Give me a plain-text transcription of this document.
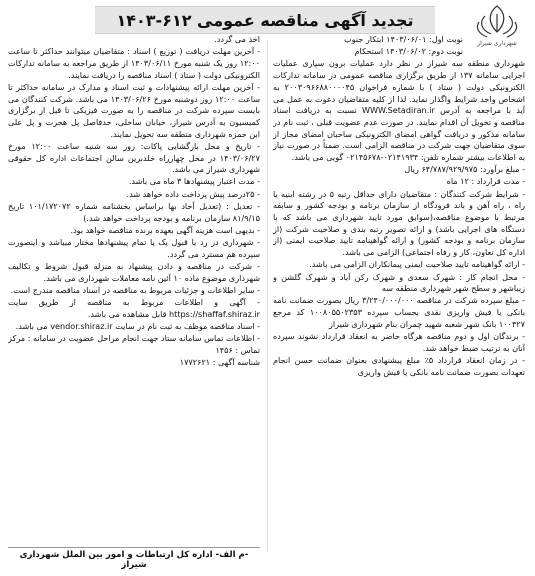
تجدید آگهی مناقصه عمومی ۶۱۲-۱۴۰۳
شهرداری شیراز
نوبت اول: ۱۴۰۳/۰۶/۰۱ ابتکار جنوب
نوبت دوم: ۱۴۰۳/۰۶/۰۲ استحکام
شهرداری منطقه سه شیراز در نظر دارد عملیات برون سپاری عملیات اجرایی سامانه ۱۳۷ از طریق برگزاری مناقصه عمومی در سامانه تدارکات الکترونیکی دولت ( ستاد ) با شماره فراخوان ۲۰۰۳۰۹۶۶۸۸۰۰۰۰۴۵ به اشخاص واجد شرایط واگذار نماید. لذا از کلیه متقاضیان دعوت به عمل می آید با مراجعه به آدرس WWW.Setadiran.ir نسبت به دریافت اسناد مناقصه و تحویل آن اقدام نمایند. در صورت عدم عضویت قبلی ، ثبت نام در سامانه مذکور و دریافت گواهی امضای الکترونیکی ساحبان امضای مجاز از سوی متقاضیان جهت شرکت در مناقصه الزامی است. ضمناً در صورت نیاز به اطلاعات بیشتر شماره تلفن: ۰۲۱۴۱۹۳۴-۰۲۱۴۵۶۷۸ گویی می باشد.
- مبلغ برآورد: ۶۴/۷۸۷/۹۲۹/۹۷۵ ریال
- مدت قرارداد : ۱۲ ماه
- شرایط شرکت کنندگان : متقاضیان دارای حداقل رتبه ۵ در رشته ابنیه یا راه ، راه آهن و باند فرودگاه از سازمان برنامه و بودجه کشور و سابقه مرتبط با موضوع مناقصه،(سوابق مورد تایید شهرداری می باشد که با دستگاه های اجرایی باشد) و ارائه تصویر رتبه بندی و صلاحیت شرکت (از سازمان برنامه و بودجه کشور) و ارائه گواهینامه تایید صلاحیت ایمنی (از اداره کل تعاون، کار و رفاه اجتماعی) الزامی می باشد.
- ارائه گواهینامه تایید صلاحیت ایمنی پیمانکاران الزامی می باشد.
- محل انجام کار : شهرک سعدی و شهرک رکن آباد و شهرک گلشن و زیباشهر و سطح شهر شهرداری منطقه سه
- مبلغ سپرده شرکت در مناقصه ۳/۲۴۰/۰۰۰/۰۰۰ ریال بصورت ضمانت نامه بانکی یا فیش واریزی نقدی بحساب سپرده ۱۰۰۸۰۵۵۰۲۳۵۳ کد مرجع ۱۰۰۴۲۷ بانک شهر شعبه شهید چمران بنام شهرداری شیراز
- برندگان اول و دوم مناقصه هرگاه حاضر به انعقاد قرارداد نشوند سپرده آنان به ترتیب ضبط خواهد شد.
- در زمان انعقاد قرارداد ۵٪ مبلغ پیشنهادی بعنوان ضمانت حسن انجام تعهدات بصورت ضمانت نامه بانکی یا فیش واریزی
اخذ می گردد.
- آخرین مهلت دریافت ( توزیع ) اسناد : متقاضیان میتوانند حداکثر تا ساعت ۱۲:۰۰ روز یک شنبه مورخ ۱۴۰۳/۰۶/۱۱ از طریق مراجعه به سامانه تدارکات الکترونیکی دولت ( ستاد ) اسناد مناقصه را دریافت نمایند.
- آخرین مهلت ارائه پیشنهادات و ثبت اسناد و مدارک در سامانه حداکثر تا ساعت ۱۲:۰۰ روز دوشنبه مورخ ۱۴۰۳/۰۶/۲۶ می باشد. شرکت کنندگان می بایست سپرده شرکت در مناقصه را به صورت فیزیکی تا قبل از برگزاری کمیسیون به آدرس شیراز، خیابان ساحلی، حدفاصل پل هجرت و پل علی ابن حمزه شهرداری منطقه سه تحویل نمایند.
- تاریخ و محل بازگشایی پاکات: روز سه شنبه ساعت ۱۲:۰۰ مورخ ۱۴۰۳/۰۶/۲۷ در محل چهارراه خلدبرین سالن اجتماعات اداره کل حقوقی شهرداری شیراز می باشد.
- مدت اعتبار پیشنهادها ۳ ماه می باشد.
- ۲۵درصد پیش پرداخت داده خواهد شد.
- تعدیل : (تعدیل آحاد بها براساس بخشنامه شماره ۱۰۱/۱۷۲۰۷۲ تاریخ ۸۱/۹/۱۵ سازمان برنامه و بودجه پرداخت خواهد شد.)
- بدیهی است هزینه آگهی بعهده برنده مناقصه خواهد بود.
- شهرداری در رد یا قبول یک یا تمام پیشنهادها مختار میباشد و اینصورت سپرده هم مسترد می گردد.
- شرکت در مناقصه و دادن پیشنهاد به منزله قبول شروط و تکالیف شهرداری موضوع ماده ۱۰ آئین نامه معاملات شهرداری می باشد.
- سایر اطلاعات و جزئیات مربوط به مناقصه در اسناد مناقصه مندرج است.
- آگهی و اطلاعات مربوط به مناقصه از طریق سایت https://shaffaf.shiraz.ir قابل مشاهده می باشد.
- اسناد مناقصه موظف به ثبت نام در سایت vendor.shiraz.ir می باشد.
- اطلاعات تماس سامانه ستاد جهت انجام مراحل عضویت در سامانه : مرکز تماس : ۱۴۵۶
شناسه آگهی : ۱۷۷۲۶۲۱
-م الف- اداره کل ارتباطات و امور بین الملل شهرداری شیراز
